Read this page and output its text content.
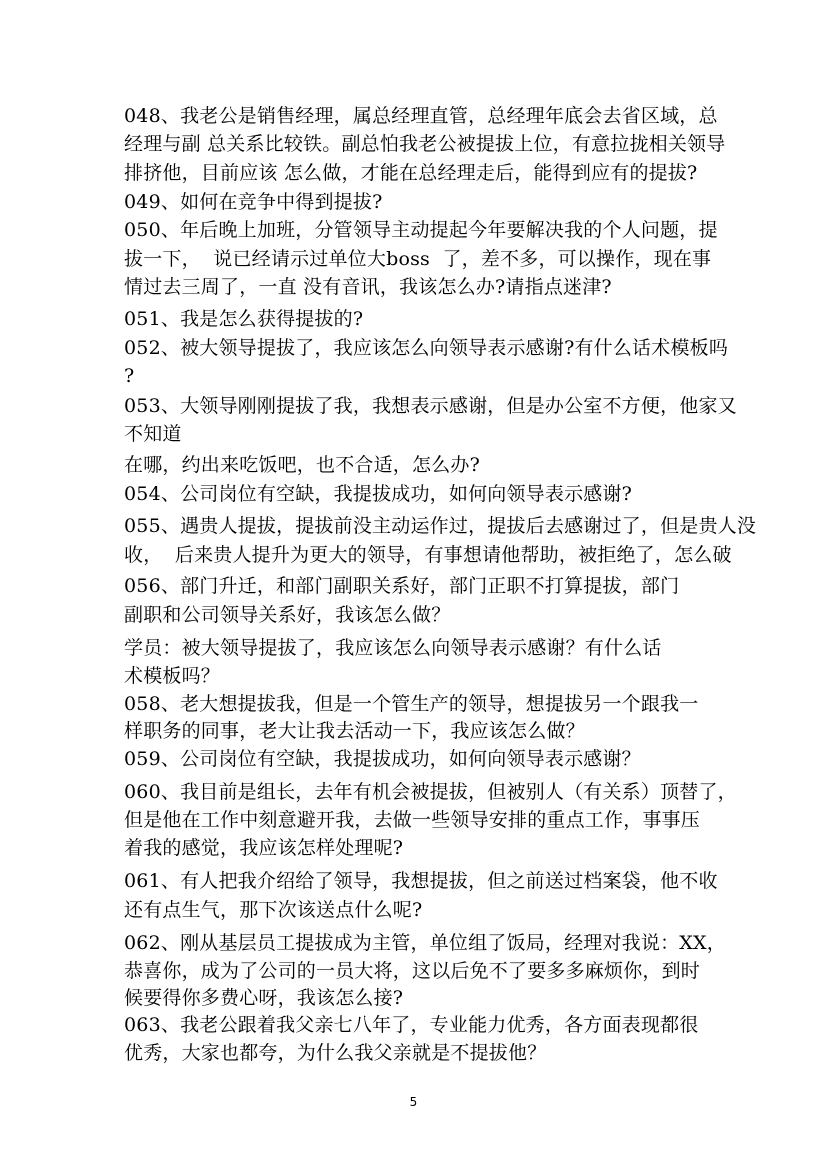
048、我老公是销售经理，属总经理直管，总经理年底会去省区域，总
经理与副 总关系比较铁。副总怕我老公被提拔上位，有意拉拢相关领导
排挤他，目前应该 怎么做，才能在总经理走后，能得到应有的提拔?
049、如何在竞争中得到提拔?
050、年后晚上加班，分管领导主动提起今年要解决我的个人问题，提
拔一下，  说已经请示过单位大boss  了，差不多，可以操作，现在事
情过去三周了，一直 没有音讯，我该怎么办?请指点迷津?
051、我是怎么获得提拔的?
052、被大领导提拔了，我应该怎么向领导表示感谢?有什么话术模板吗
?
053、大领导刚刚提拔了我，我想表示感谢，但是办公室不方便，他家又
不知道
在哪，约出来吃饭吧，也不合适，怎么办?
054、公司岗位有空缺，我提拔成功，如何向领导表示感谢?
055、遇贵人提拔，提拔前没主动运作过，提拔后去感谢过了，但是贵人没
收，  后来贵人提升为更大的领导，有事想请他帮助，被拒绝了，怎么破
056、部门升迁，和部门副职关系好，部门正职不打算提拔，部门
副职和公司领导关系好，我该怎么做？
学员：被大领导提拔了，我应该怎么向领导表示感谢？有什么话
术模板吗？
058、老大想提拔我，但是一个管生产的领导，想提拔另一个跟我一
样职务的同事，老大让我去活动一下，我应该怎么做？
059、公司岗位有空缺，我提拔成功，如何向领导表示感谢？
060、我目前是组长，去年有机会被提拔，但被别人（有关系）顶替了，
但是他在工作中刻意避开我，去做一些领导安排的重点工作，事事压
着我的感觉，我应该怎样处理呢?
061、有人把我介绍给了领导，我想提拔，但之前送过档案袋，他不收
还有点生气，那下次该送点什么呢?
062、刚从基层员工提拔成为主管，单位组了饭局，经理对我说：XX，
恭喜你，成为了公司的一员大将，这以后免不了要多多麻烦你，到时
候要得你多费心呀，我该怎么接?
063、我老公跟着我父亲七八年了，专业能力优秀，各方面表现都很
优秀，大家也都夸，为什么我父亲就是不提拔他？
5
